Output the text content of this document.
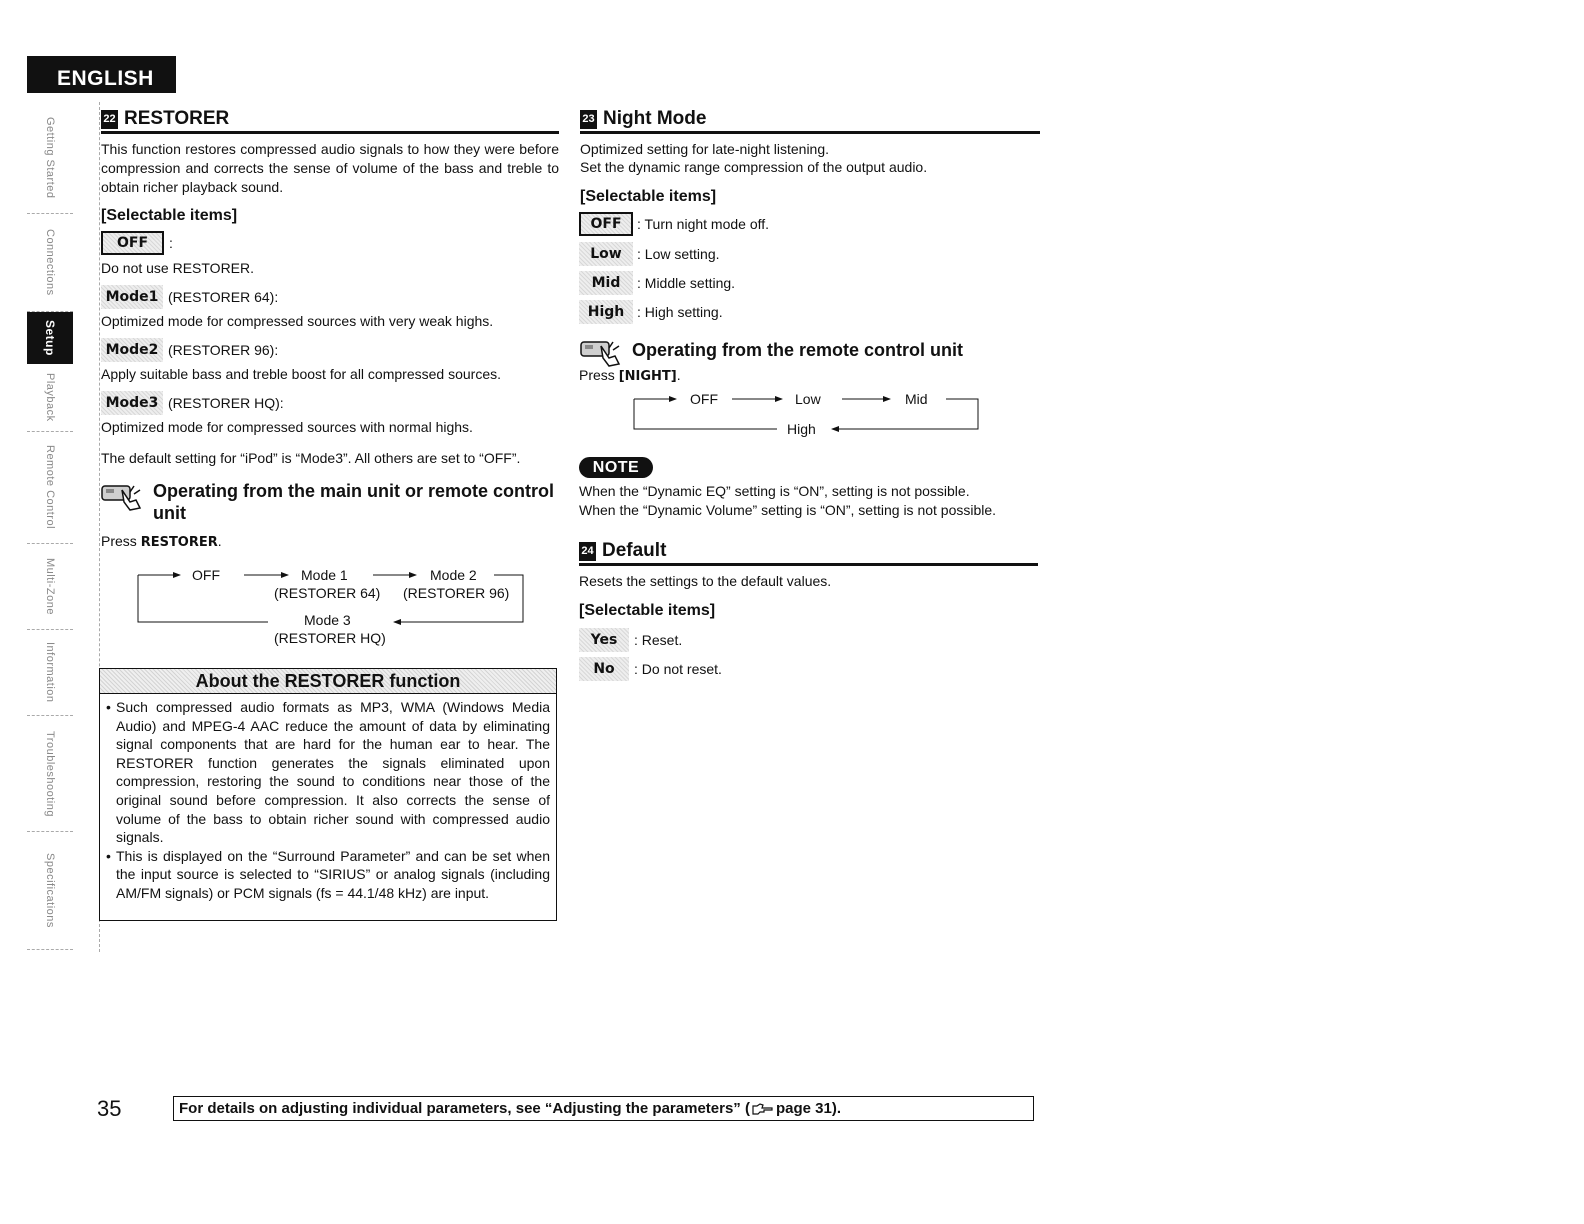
ENGLISH
Getting Started
Connections
Setup
Playback
Remote Control
Multi-Zone
Information
Troubleshooting
Specifications
22 RESTORER
This function restores compressed audio signals to how they were before compression and corrects the sense of volume of the bass and treble to obtain richer playback sound.
[Selectable items]
OFF	:
Do not use RESTORER.
Mode1 (RESTORER 64):
Optimized mode for compressed sources with very weak highs.
Mode2 (RESTORER 96):
Apply suitable bass and treble boost for all compressed sources.
Mode3 (RESTORER HQ):
Optimized mode for compressed sources with normal highs.
The default setting for “iPod” is “Mode3”. All others are set to “OFF”.
Operating from the main unit or remote control unit
Press RESTORER.
OFF	Mode 1
(RESTORER 64)
Mode 2
(RESTORER 96)
Mode 3
(RESTORER HQ)
About the RESTORER function
• Such compressed audio formats as MP3, WMA (Windows Media Audio) and MPEG-4 AAC reduce the amount of data by eliminating signal components that are hard for the human ear to hear. The RESTORER function generates the signals eliminated upon compression, restoring the sound to conditions near those of the original sound before compression. It also corrects the sense of volume of the bass to obtain richer sound with compressed audio signals.
• This is displayed on the “Surround Parameter” and can be set when the input source is selected to “SIRIUS” or analog signals (including AM/FM signals) or PCM signals (fs = 44.1/48 kHz) are input.
23 Night Mode
Optimized setting for late-night listening.
Set the dynamic range compression of the output audio.
[Selectable items]
OFF	: Turn night mode off.
Low	: Low setting.
Mid	: Middle setting.
High : High setting.
Operating from the remote control unit
Press [NIGHT].
OFF	Low	Mid
High
NOTE
When the “Dynamic EQ” setting is “ON”, setting is not possible.
When the “Dynamic Volume” setting is “ON”, setting is not possible.
24 Default
Resets the settings to the default values.
[Selectable items]
Yes	: Reset.
No	: Do not reset.
35	For details on adjusting individual parameters, see “Adjusting the parameters” ( page 31).
